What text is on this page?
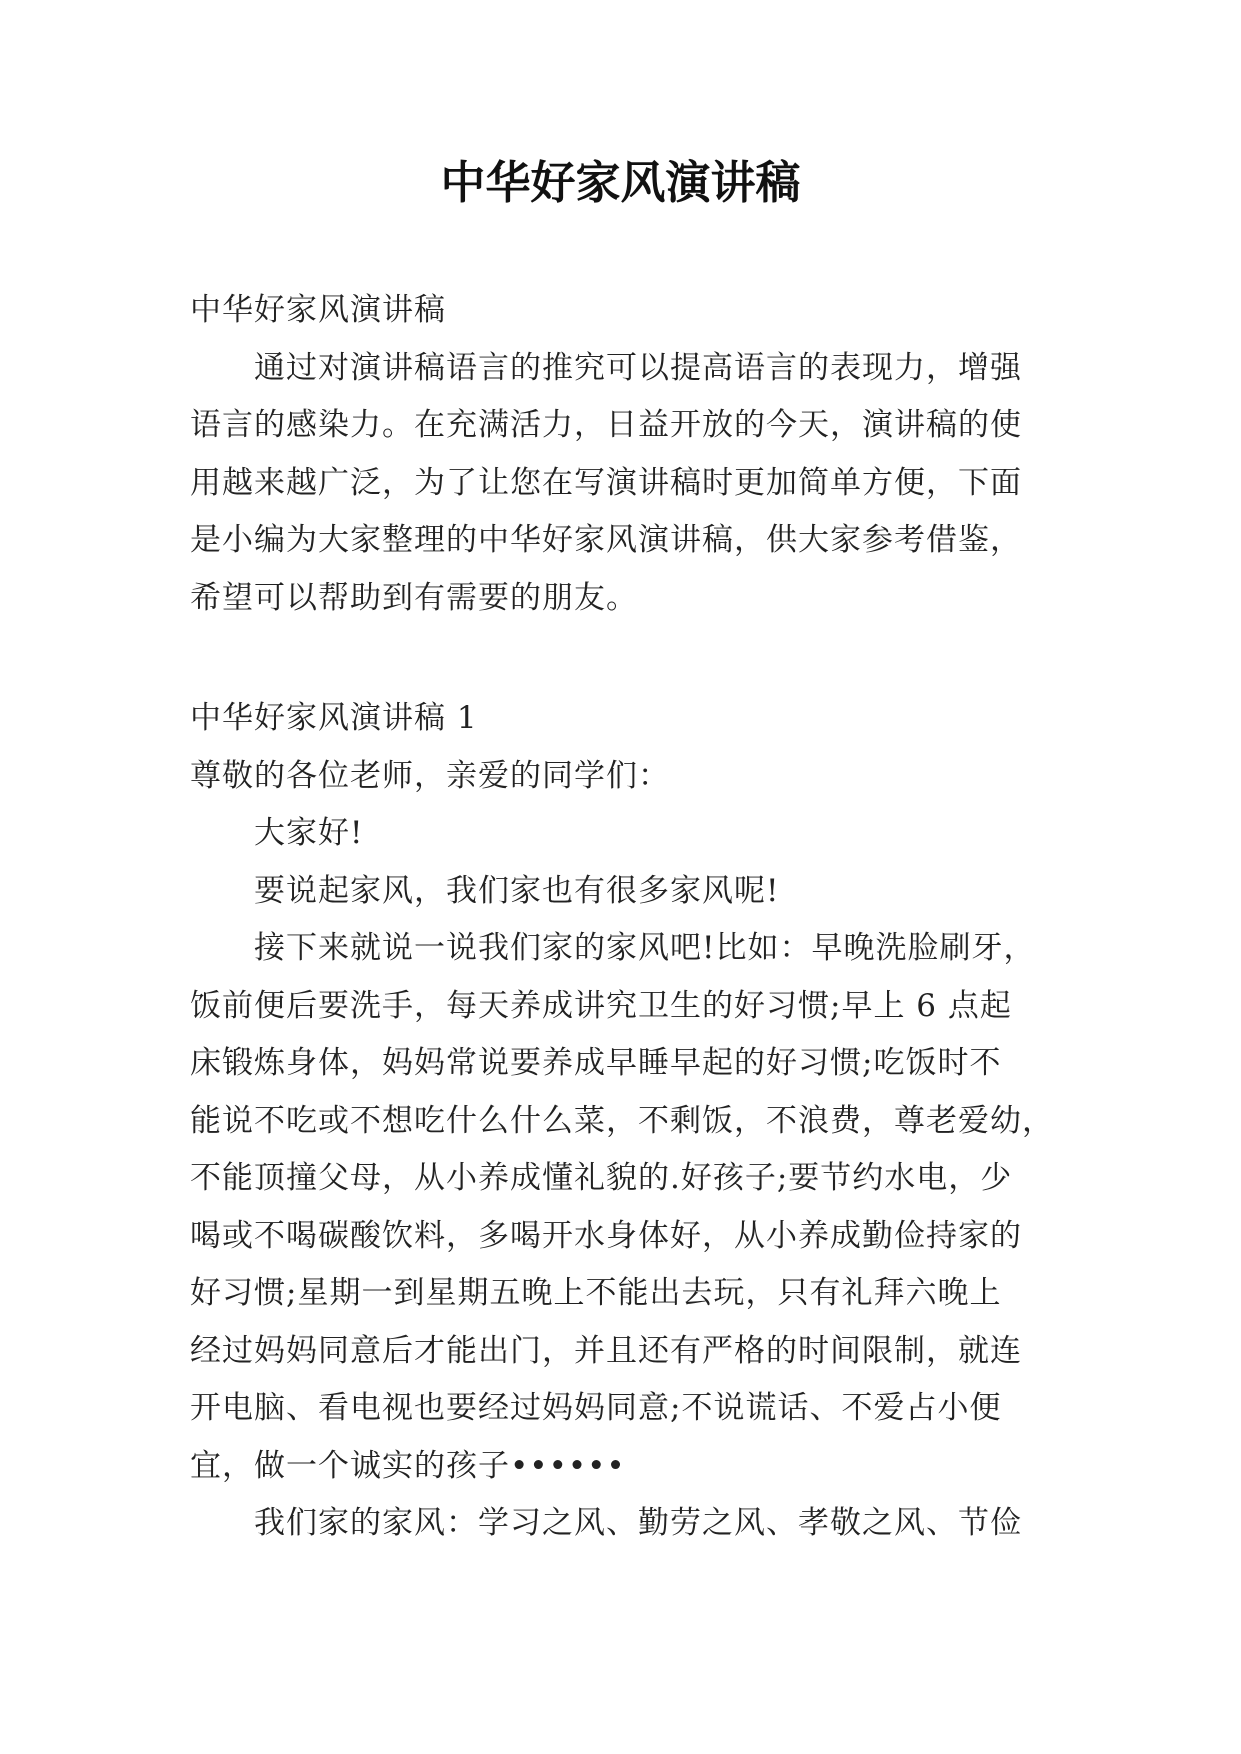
中华好家风演讲稿
中华好家风演讲稿
　　通过对演讲稿语言的推究可以提高语言的表现力，增强
语言的感染力。在充满活力，日益开放的今天，演讲稿的使
用越来越广泛，为了让您在写演讲稿时更加简单方便，下面
是小编为大家整理的中华好家风演讲稿，供大家参考借鉴，
希望可以帮助到有需要的朋友。
中华好家风演讲稿 1
尊敬的各位老师，亲爱的同学们：
　　大家好!
　　要说起家风，我们家也有很多家风呢!
　　接下来就说一说我们家的家风吧!比如：早晚洗脸刷牙，
饭前便后要洗手，每天养成讲究卫生的好习惯;早上 6 点起
床锻炼身体，妈妈常说要养成早睡早起的好习惯;吃饭时不
能说不吃或不想吃什么什么菜，不剩饭，不浪费，尊老爱幼，
不能顶撞父母，从小养成懂礼貌的.好孩子;要节约水电，少
喝或不喝碳酸饮料，多喝开水身体好，从小养成勤俭持家的
好习惯;星期一到星期五晚上不能出去玩，只有礼拜六晚上
经过妈妈同意后才能出门，并且还有严格的时间限制，就连
开电脑、看电视也要经过妈妈同意;不说谎话、不爱占小便
宜，做一个诚实的孩子••••••
　　我们家的家风：学习之风、勤劳之风、孝敬之风、节俭
